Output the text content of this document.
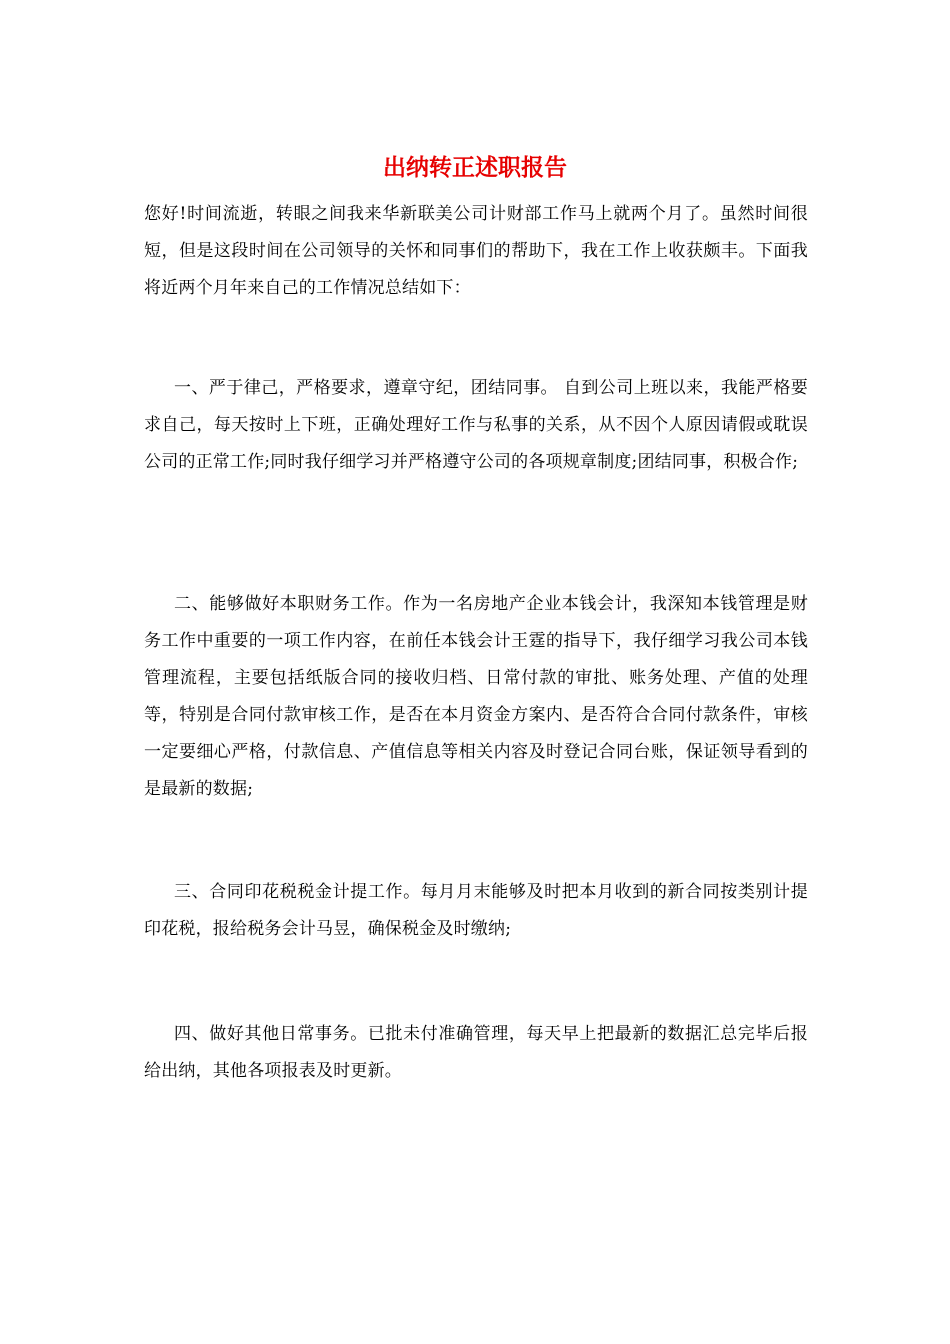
出纳转正述职报告

您好!时间流逝，转眼之间我来华新联美公司计财部工作马上就两个月了。虽然时间很短，但是这段时间在公司领导的关怀和同事们的帮助下，我在工作上收获颇丰。下面我将近两个月年来自己的工作情况总结如下：

一、严于律己，严格要求，遵章守纪，团结同事。 自到公司上班以来，我能严格要求自己，每天按时上下班，正确处理好工作与私事的关系，从不因个人原因请假或耽误公司的正常工作;同时我仔细学习并严格遵守公司的各项规章制度;团结同事，积极合作;

二、能够做好本职财务工作。作为一名房地产企业本钱会计，我深知本钱管理是财务工作中重要的一项工作内容，在前任本钱会计王霆的指导下，我仔细学习我公司本钱管理流程，主要包括纸版合同的接收归档、日常付款的审批、账务处理、产值的处理等，特别是合同付款审核工作，是否在本月资金方案内、是否符合合同付款条件，审核一定要细心严格，付款信息、产值信息等相关内容及时登记合同台账，保证领导看到的是最新的数据;

三、合同印花税税金计提工作。每月月末能够及时把本月收到的新合同按类别计提印花税，报给税务会计马昱，确保税金及时缴纳;

四、做好其他日常事务。已批未付准确管理，每天早上把最新的数据汇总完毕后报给出纳，其他各项报表及时更新。
